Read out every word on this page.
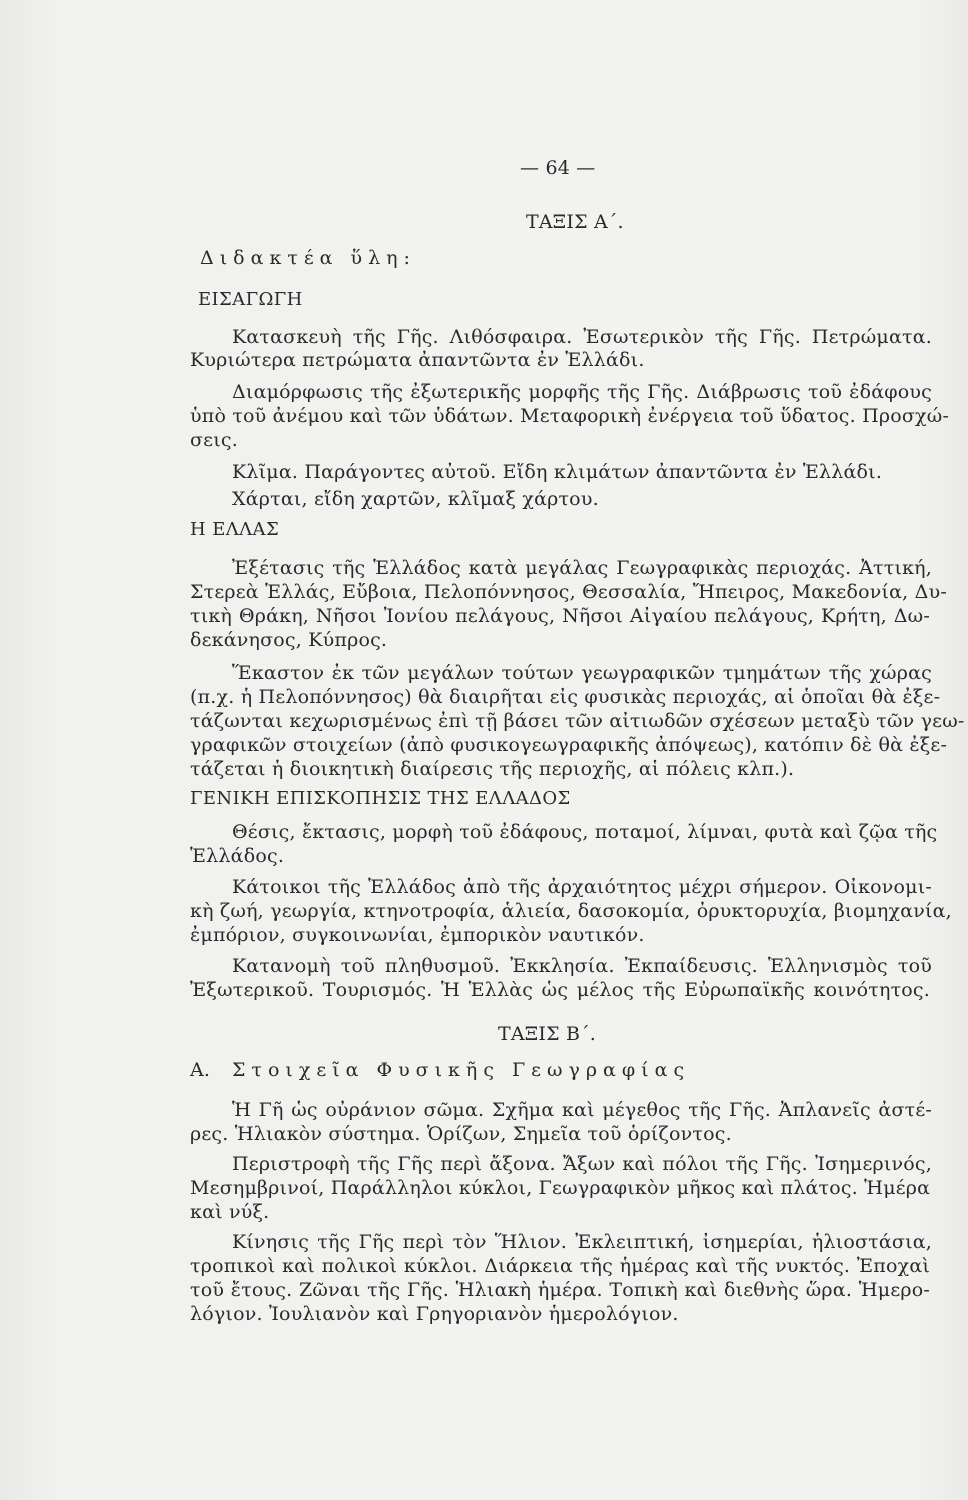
— 64 —
ΤΑΞΙΣ Α΄.
Διδακτέα ὕλη:
ΕΙΣΑΓΩΓΗ
Κατασκευὴ τῆς Γῆς. Λιθόσφαιρα. Ἐσωτερικὸν τῆς Γῆς. Πετρώματα.
Κυριώτερα πετρώματα ἀπαντῶντα ἐν Ἑλλάδι.
Διαμόρφωσις τῆς ἐξωτερικῆς μορφῆς τῆς Γῆς. Διάβρωσις τοῦ ἐδάφους
ὑπὸ τοῦ ἀνέμου καὶ τῶν ὑδάτων. Μεταφορικὴ ἐνέργεια τοῦ ὕδατος. Προσχώ-
σεις.
Κλῖμα. Παράγοντες αὐτοῦ. Εἴδη κλιμάτων ἀπαντῶντα ἐν Ἑλλάδι.
Χάρται, εἴδη χαρτῶν, κλῖμαξ χάρτου.
Η ΕΛΛΑΣ
Ἐξέτασις τῆς Ἑλλάδος κατὰ μεγάλας Γεωγραφικὰς περιοχάς. Ἀττική,
Στερεὰ Ἑλλάς, Εὔβοια, Πελοπόννησος, Θεσσαλία, Ἤπειρος, Μακεδονία, Δυ-
τικὴ Θράκη, Νῆσοι Ἰονίου πελάγους, Νῆσοι Αἰγαίου πελάγους, Κρήτη, Δω-
δεκάνησος, Κύπρος.
Ἕκαστον ἐκ τῶν μεγάλων τούτων γεωγραφικῶν τμημάτων τῆς χώρας
(π.χ. ἡ Πελοπόννησος) θὰ διαιρῆται εἰς φυσικὰς περιοχάς, αἱ ὁποῖαι θὰ ἐξε-
τάζωνται κεχωρισμένως ἐπὶ τῇ βάσει τῶν αἰτιωδῶν σχέσεων μεταξὺ τῶν γεω-
γραφικῶν στοιχείων (ἀπὸ φυσικογεωγραφικῆς ἀπόψεως), κατόπιν δὲ θὰ ἐξε-
τάζεται ἡ διοικητικὴ διαίρεσις τῆς περιοχῆς, αἱ πόλεις κλπ.).
ΓΕΝΙΚΗ ΕΠΙΣΚΟΠΗΣΙΣ ΤΗΣ ΕΛΛΑΔΟΣ
Θέσις, ἔκτασις, μορφὴ τοῦ ἐδάφους, ποταμοί, λίμναι, φυτὰ καὶ ζῷα τῆς
Ἑλλάδος.
Κάτοικοι τῆς Ἑλλάδος ἀπὸ τῆς ἀρχαιότητος μέχρι σήμερον. Οἰκονομι-
κὴ ζωή, γεωργία, κτηνοτροφία, ἁλιεία, δασοκομία, ὀρυκτορυχία, βιομηχανία,
ἐμπόριον, συγκοινωνίαι, ἐμπορικὸν ναυτικόν.
Κατανομὴ τοῦ πληθυσμοῦ. Ἐκκλησία. Ἐκπαίδευσις. Ἑλληνισμὸς τοῦ
Ἐξωτερικοῦ. Τουρισμός. Ἡ Ἑλλὰς ὡς μέλος τῆς Εὐρωπαϊκῆς κοινότητος.
ΤΑΞΙΣ Β΄.
Α.	Στοιχεῖα Φυσικῆς Γεωγραφίας
Ἡ Γῆ ὡς οὐράνιον σῶμα. Σχῆμα καὶ μέγεθος τῆς Γῆς. Ἀπλανεῖς ἀστέ-
ρες. Ἡλιακὸν σύστημα. Ὁρίζων, Σημεῖα τοῦ ὁρίζοντος.
Περιστροφὴ τῆς Γῆς περὶ ἄξονα. Ἄξων καὶ πόλοι τῆς Γῆς. Ἰσημερινός,
Μεσημβρινοί, Παράλληλοι κύκλοι, Γεωγραφικὸν μῆκος καὶ πλάτος. Ἡμέρα
καὶ νύξ.
Κίνησις τῆς Γῆς περὶ τὸν Ἥλιον. Ἐκλειπτική, ἰσημερίαι, ἡλιοστάσια,
τροπικοὶ καὶ πολικοὶ κύκλοι. Διάρκεια τῆς ἡμέρας καὶ τῆς νυκτός. Ἐποχαὶ
τοῦ ἔτους. Ζῶναι τῆς Γῆς. Ἡλιακὴ ἡμέρα. Τοπικὴ καὶ διεθνὴς ὥρα. Ἡμερο-
λόγιον. Ἰουλιανὸν καὶ Γρηγοριανὸν ἡμερολόγιον.
